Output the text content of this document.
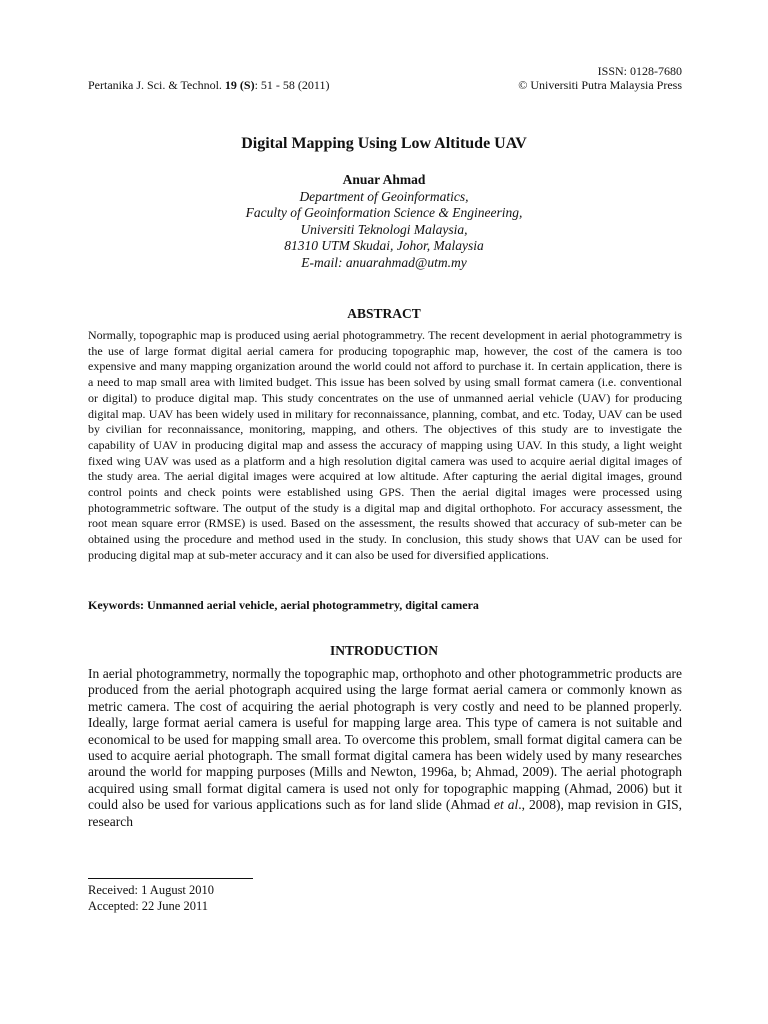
Pertanika J. Sci. & Technol. 19 (S): 51 - 58 (2011)
ISSN: 0128-7680
© Universiti Putra Malaysia Press
Digital Mapping Using Low Altitude UAV
Anuar Ahmad
Department of Geoinformatics,
Faculty of Geoinformation Science & Engineering,
Universiti Teknologi Malaysia,
81310 UTM Skudai, Johor, Malaysia
E-mail: anuarahmad@utm.my
ABSTRACT
Normally, topographic map is produced using aerial photogrammetry. The recent development in aerial photogrammetry is the use of large format digital aerial camera for producing topographic map, however, the cost of the camera is too expensive and many mapping organization around the world could not afford to purchase it. In certain application, there is a need to map small area with limited budget. This issue has been solved by using small format camera (i.e. conventional or digital) to produce digital map. This study concentrates on the use of unmanned aerial vehicle (UAV) for producing digital map. UAV has been widely used in military for reconnaissance, planning, combat, and etc. Today, UAV can be used by civilian for reconnaissance, monitoring, mapping, and others. The objectives of this study are to investigate the capability of UAV in producing digital map and assess the accuracy of mapping using UAV. In this study, a light weight fixed wing UAV was used as a platform and a high resolution digital camera was used to acquire aerial digital images of the study area. The aerial digital images were acquired at low altitude. After capturing the aerial digital images, ground control points and check points were established using GPS. Then the aerial digital images were processed using photogrammetric software. The output of the study is a digital map and digital orthophoto. For accuracy assessment, the root mean square error (RMSE) is used. Based on the assessment, the results showed that accuracy of sub-meter can be obtained using the procedure and method used in the study. In conclusion, this study shows that UAV can be used for producing digital map at sub-meter accuracy and it can also be used for diversified applications.
Keywords: Unmanned aerial vehicle, aerial photogrammetry, digital camera
INTRODUCTION
In aerial photogrammetry, normally the topographic map, orthophoto and other photogrammetric products are produced from the aerial photograph acquired using the large format aerial camera or commonly known as metric camera. The cost of acquiring the aerial photograph is very costly and need to be planned properly. Ideally, large format aerial camera is useful for mapping large area. This type of camera is not suitable and economical to be used for mapping small area. To overcome this problem, small format digital camera can be used to acquire aerial photograph. The small format digital camera has been widely used by many researches around the world for mapping purposes (Mills and Newton, 1996a, b; Ahmad, 2009). The aerial photograph acquired using small format digital camera is used not only for topographic mapping (Ahmad, 2006) but it could also be used for various applications such as for land slide (Ahmad et al., 2008), map revision in GIS, research
Received: 1 August 2010
Accepted: 22 June 2011
